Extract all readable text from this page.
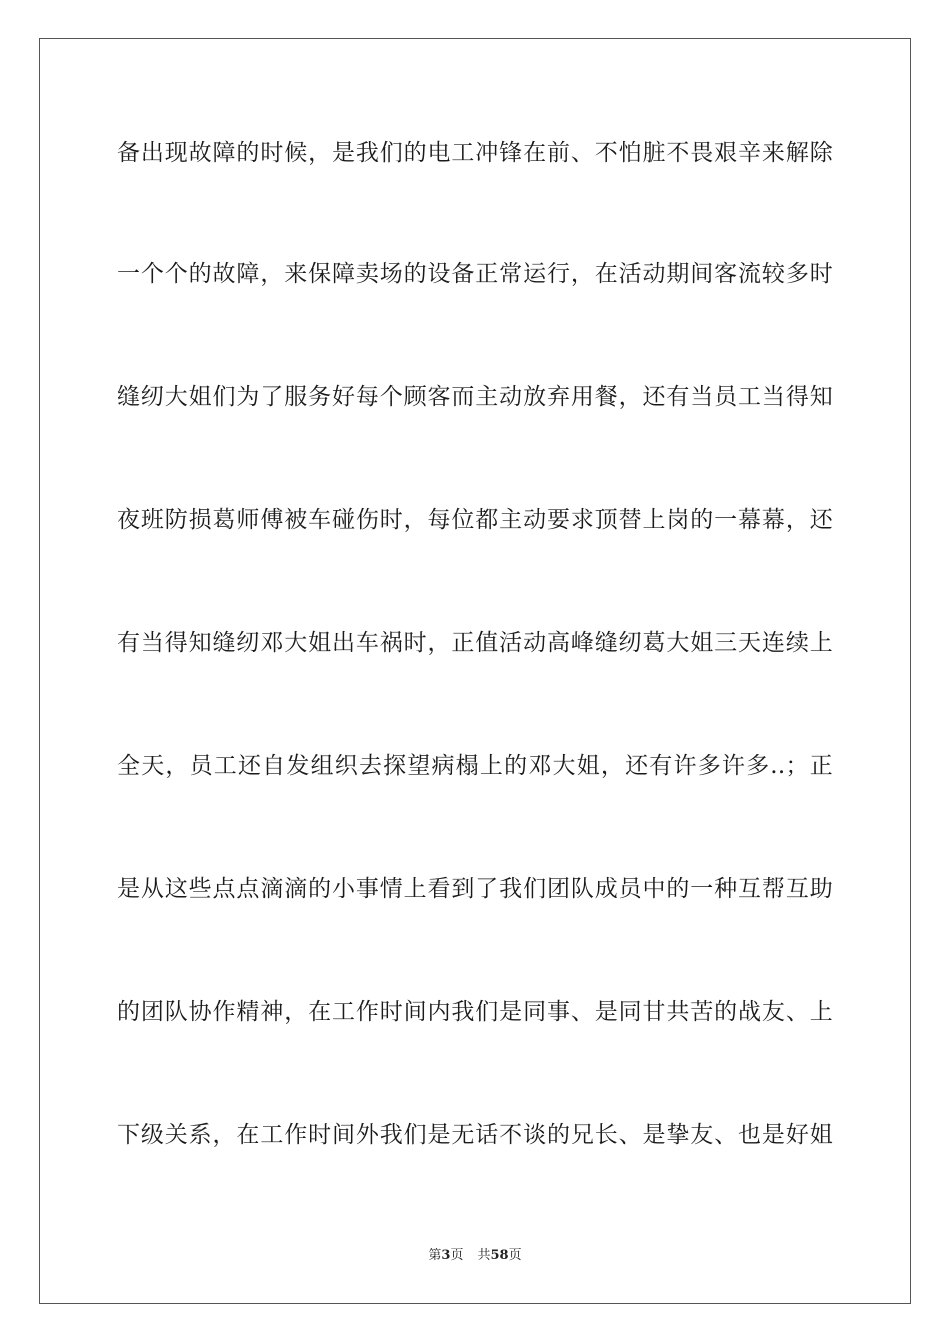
备出现故障的时候，是我们的电工冲锋在前、不怕脏不畏艰辛来解除
一个个的故障，来保障卖场的设备正常运行，在活动期间客流较多时
缝纫大姐们为了服务好每个顾客而主动放弃用餐，还有当员工当得知
夜班防损葛师傅被车碰伤时，每位都主动要求顶替上岗的一幕幕，还
有当得知缝纫邓大姐出车祸时，正值活动高峰缝纫葛大姐三天连续上
全天，员工还自发组织去探望病榻上的邓大姐，还有许多许多..；正
是从这些点点滴滴的小事情上看到了我们团队成员中的一种互帮互助
的团队协作精神，在工作时间内我们是同事、是同甘共苦的战友、上
下级关系，在工作时间外我们是无话不谈的兄长、是挚友、也是好姐
第3页 共58页
